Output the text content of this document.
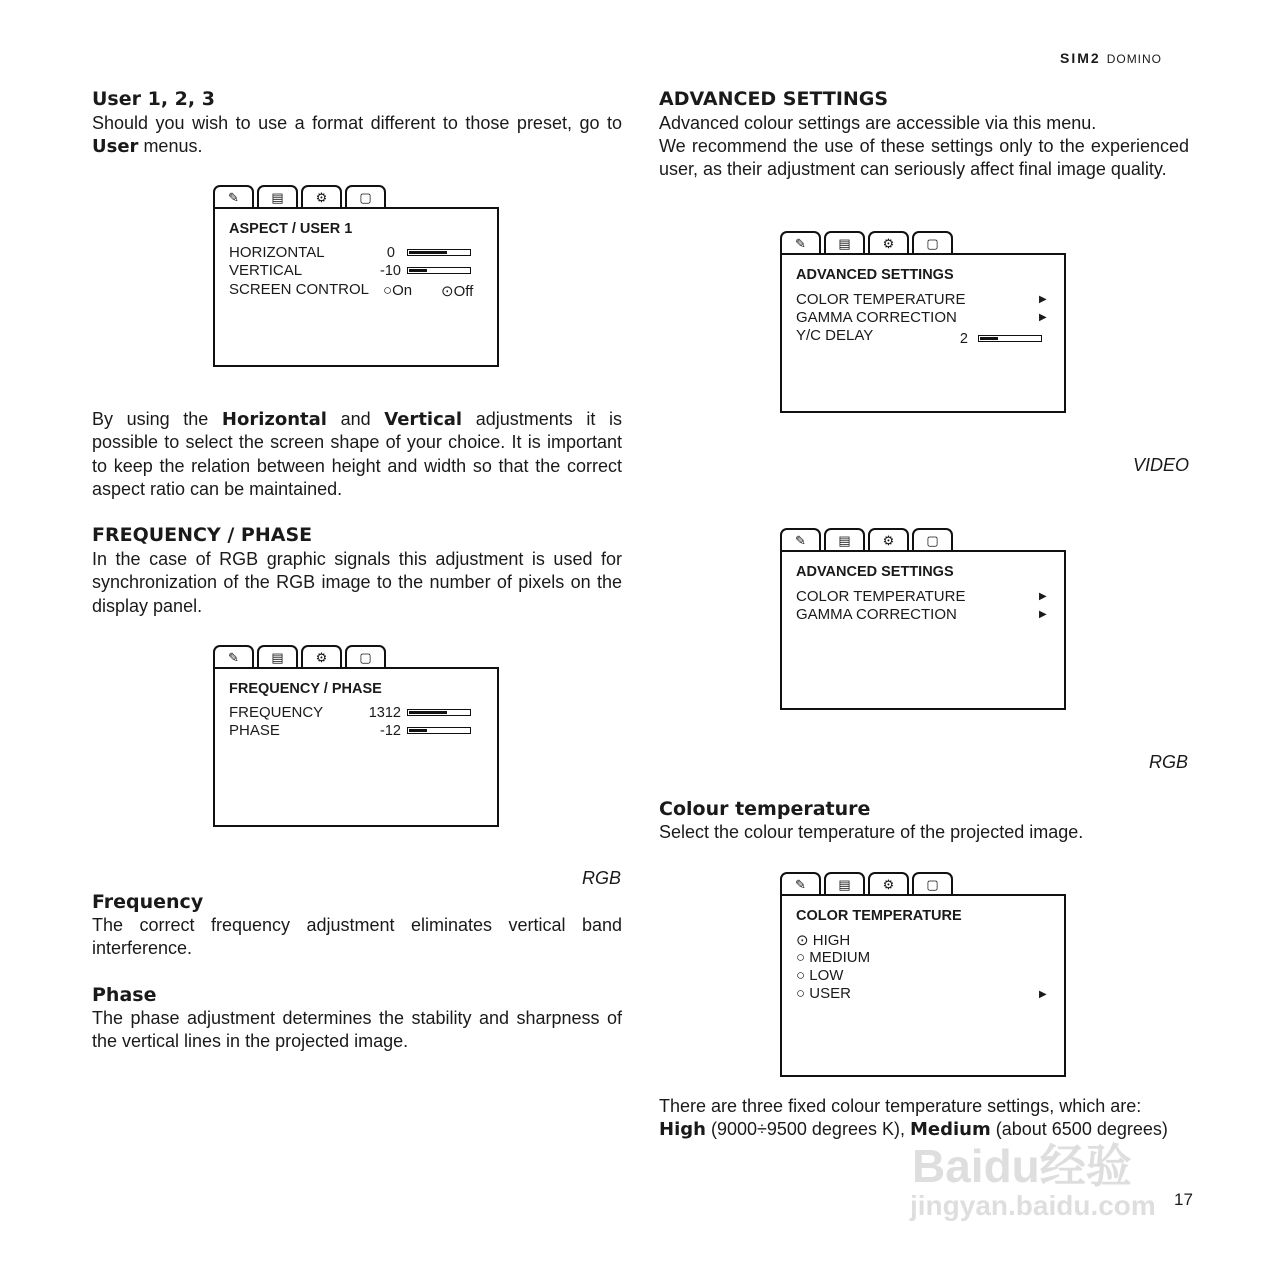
SIM2 DOMINO
User 1, 2, 3
Should you wish to use a format different to those preset, go to User menus.
✎	▤	⚙	▢
ASPECT / USER 1
HORIZONTAL	0
VERTICAL	-10
SCREEN CONTROL ○On ⊙Off
By using the Horizontal and Vertical adjustments it is possible to select the screen shape of your choice. It is important to keep the relation between height and width so that the correct aspect ratio can be maintained.
FREQUENCY / PHASE
In the case of RGB graphic signals this adjustment is used for synchronization of the RGB image to the number of pixels on the display panel.
✎	▤	⚙	▢
FREQUENCY / PHASE
FREQUENCY	1312
PHASE	-12
RGB
Frequency
The correct frequency adjustment eliminates vertical band interference.
Phase
The phase adjustment determines the stability and sharpness of the vertical lines in the projected image.
ADVANCED SETTINGS
Advanced colour settings are accessible via this menu.
We recommend the use of these settings only to the experienced user, as their adjustment can seriously affect final image quality.
✎	▤	⚙	▢
ADVANCED SETTINGS
COLOR TEMPERATURE	▶
GAMMA CORRECTION	▶
Y/C DELAY	2
VIDEO
✎	▤	⚙	▢
ADVANCED SETTINGS
COLOR TEMPERATURE	▶
GAMMA CORRECTION	▶
RGB
Colour temperature
Select the colour temperature of the projected image.
✎	▤	⚙	▢
COLOR TEMPERATURE
⊙ HIGH
○ MEDIUM
○ LOW
○ USER	▶
There are three fixed colour temperature settings, which are: High (9000÷9500 degrees K), Medium (about 6500 degrees)
Baidu经验
jingyan.baidu.com 17
